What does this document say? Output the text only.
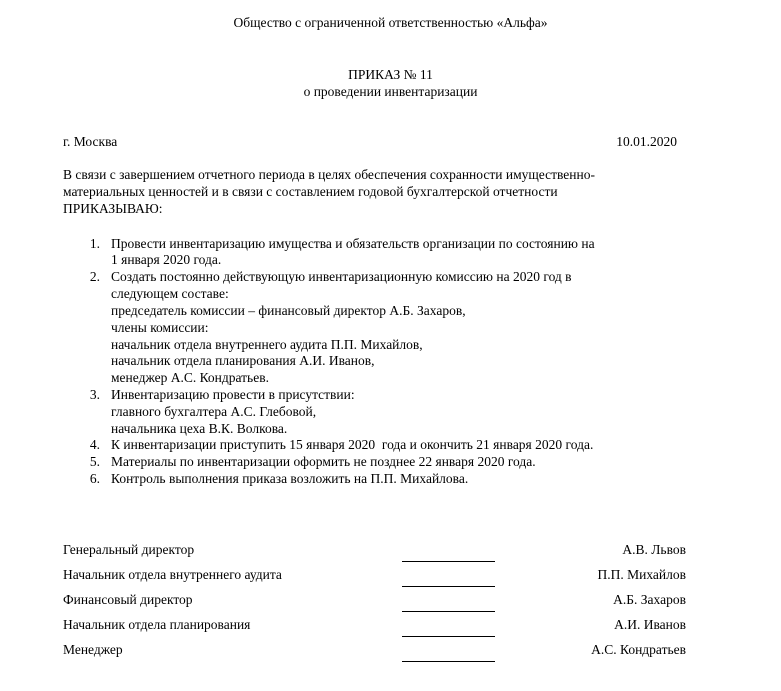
Общество с ограниченной ответственностью «Альфа»
ПРИКАЗ № 11
о проведении инвентаризации
г. Москва	10.01.2020
В связи с завершением отчетного периода в целях обеспечения сохранности имущественно-
материальных ценностей и в связи с составлением годовой бухгалтерской отчетности
ПРИКАЗЫВАЮ:
1. Провести инвентаризацию имущества и обязательств организации по состоянию на
1 января 2020 года.
2. Создать постоянно действующую инвентаризационную комиссию на 2020 год в
следующем составе:
председатель комиссии – финансовый директор А.Б. Захаров,
члены комиссии:
начальник отдела внутреннего аудита П.П. Михайлов,
начальник отдела планирования А.И. Иванов,
менеджер А.С. Кондратьев.
3. Инвентаризацию провести в присутствии:
главного бухгалтера А.С. Глебовой,
начальника цеха В.К. Волкова.
4. К инвентаризации приступить 15 января 2020  года и окончить 21 января 2020 года.
5. Материалы по инвентаризации оформить не позднее 22 января 2020 года.
6. Контроль выполнения приказа возложить на П.П. Михайлова.
Генеральный директор	А.В. Львов
Начальник отдела внутреннего аудита	П.П. Михайлов
Финансовый директор	А.Б. Захаров
Начальник отдела планирования	А.И. Иванов
Менеджер	А.С. Кондратьев
